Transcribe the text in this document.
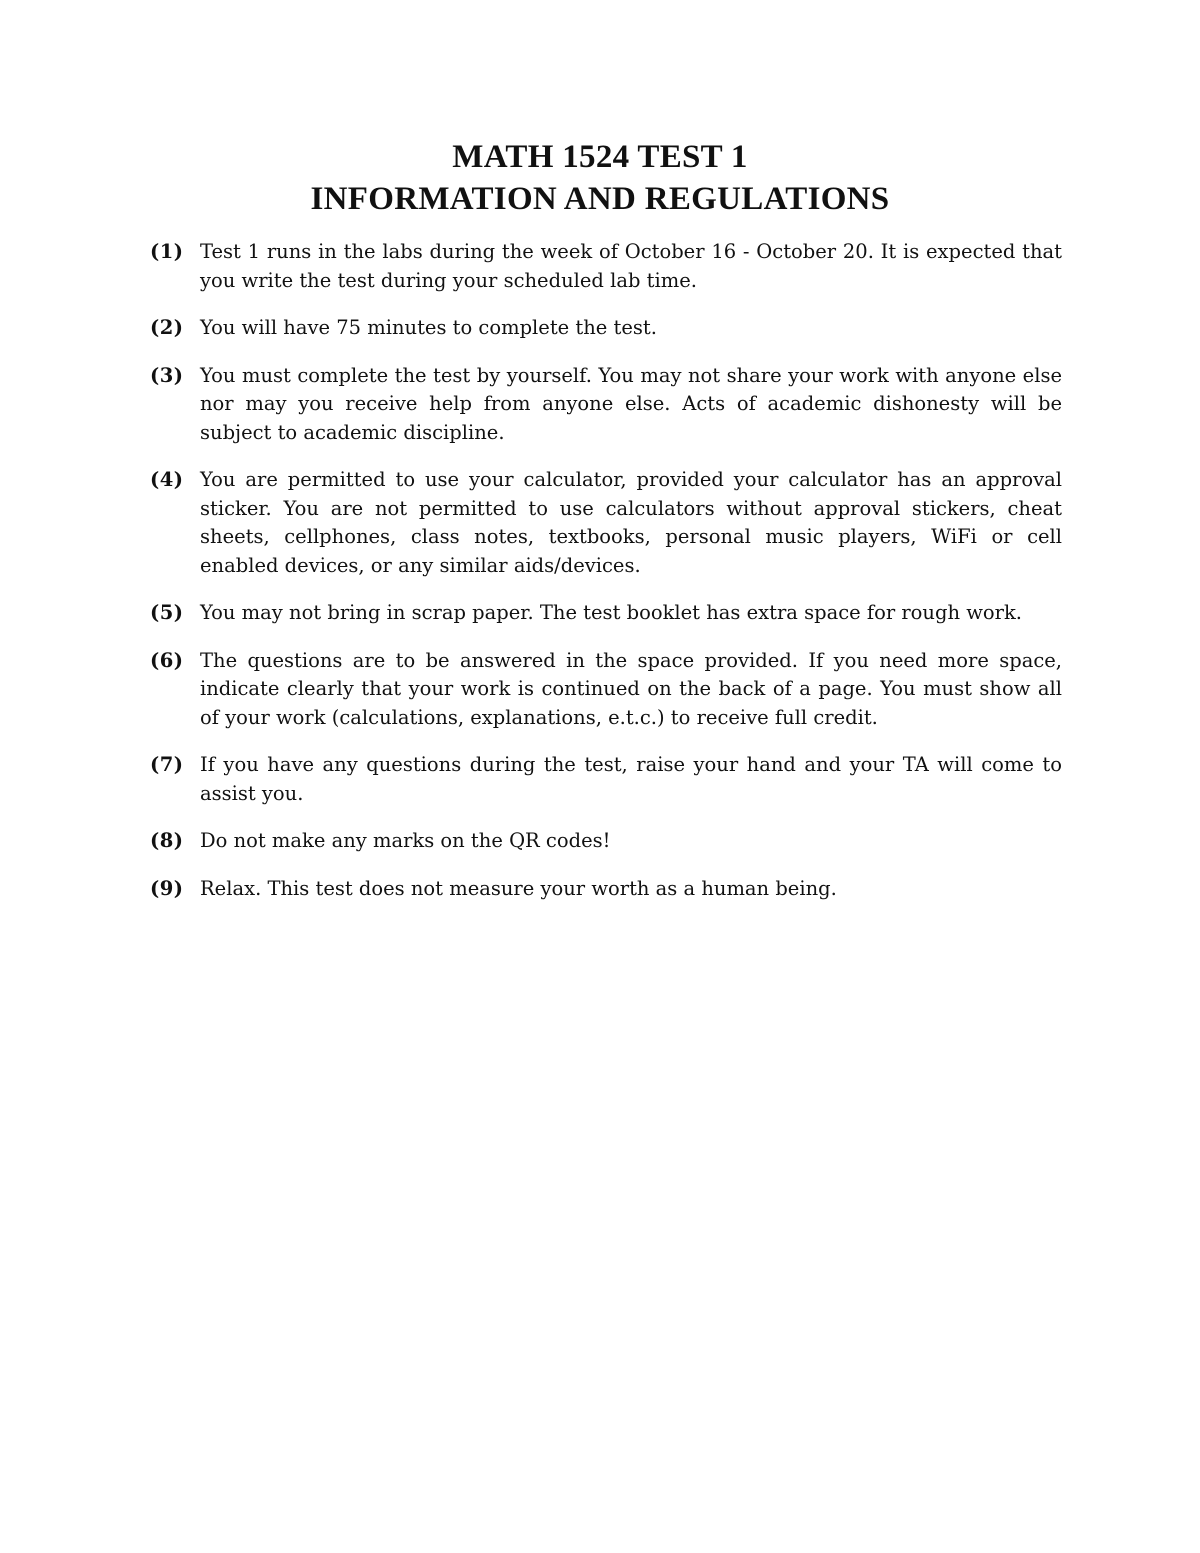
MATH 1524 TEST 1
INFORMATION AND REGULATIONS
(1) Test 1 runs in the labs during the week of October 16 - October 20. It is expected that you write the test during your scheduled lab time.
(2) You will have 75 minutes to complete the test.
(3) You must complete the test by yourself. You may not share your work with anyone else nor may you receive help from anyone else. Acts of academic dishonesty will be subject to academic discipline.
(4) You are permitted to use your calculator, provided your calculator has an approval sticker. You are not permitted to use calculators without approval stickers, cheat sheets, cellphones, class notes, textbooks, personal music players, WiFi or cell enabled devices, or any similar aids/devices.
(5) You may not bring in scrap paper. The test booklet has extra space for rough work.
(6) The questions are to be answered in the space provided. If you need more space, indicate clearly that your work is continued on the back of a page. You must show all of your work (calculations, explanations, e.t.c.) to receive full credit.
(7) If you have any questions during the test, raise your hand and your TA will come to assist you.
(8) Do not make any marks on the QR codes!
(9) Relax. This test does not measure your worth as a human being.
